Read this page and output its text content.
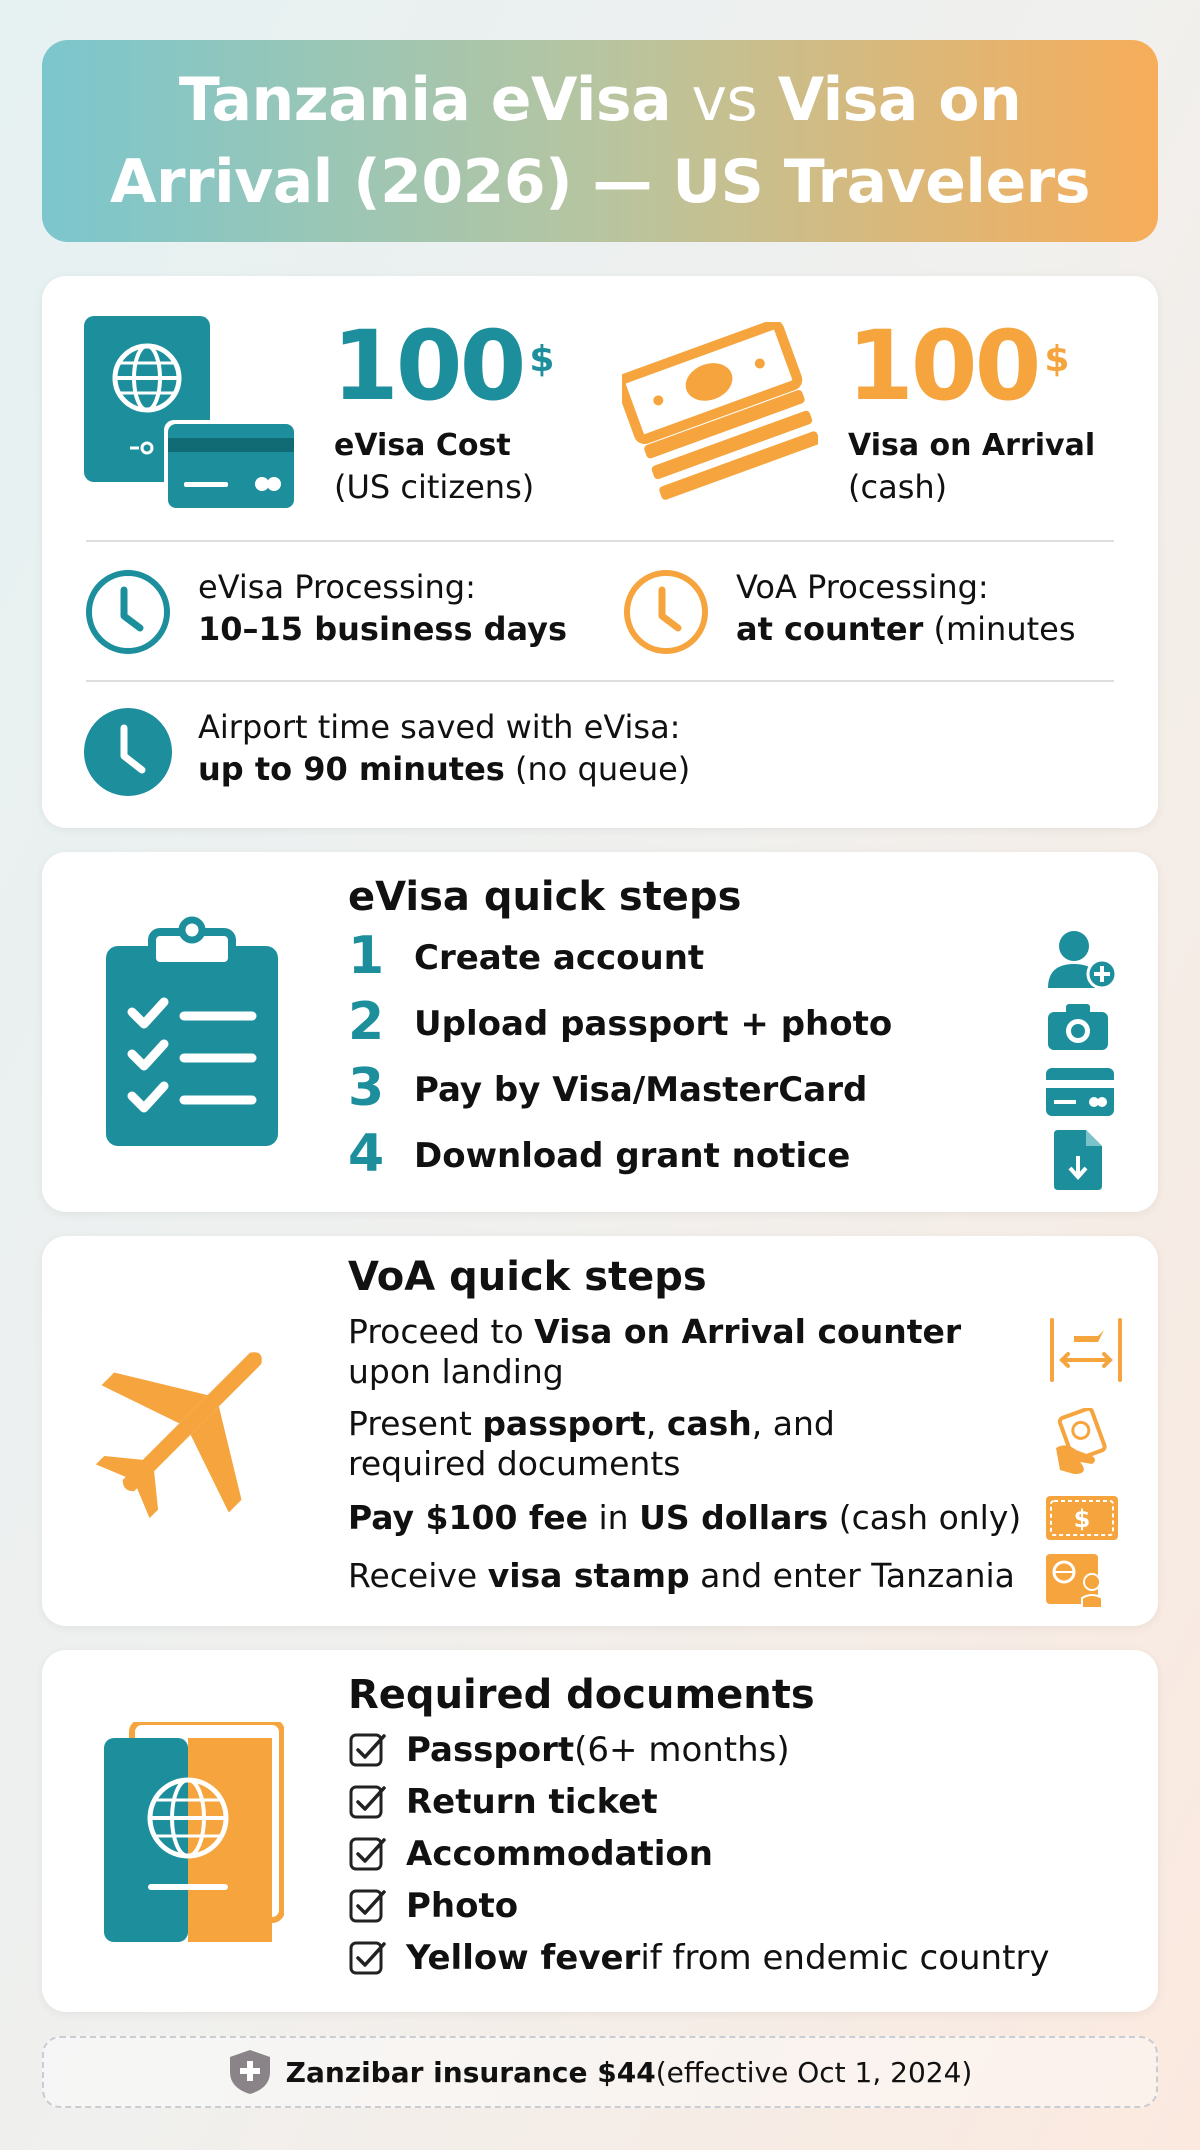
Tanzania eVisa vs Visa on
Arrival (2026) — US Travelers
100 $
eVisa Cost
(US citizens)
100 $
Visa on Arrival
(cash)
eVisa Processing:
10–15 business days
VoA Processing:
at counter (minutes
Airport time saved with eVisa:
up to 90 minutes (no queue)
eVisa quick steps
1 Create account
2 Upload passport + photo
3 Pay by Visa/MasterCard
4 Download grant notice
VoA quick steps
Proceed to Visa on Arrival counter
upon landing
Present passport, cash, and
required documents
Pay $100 fee in US dollars (cash only)
Receive visa stamp and enter Tanzania
$
Required documents
Passport (6+ months)
Return ticket
Accommodation
Photo
Yellow fever if from endemic country
Zanzibar insurance $44 (effective Oct 1, 2024)
